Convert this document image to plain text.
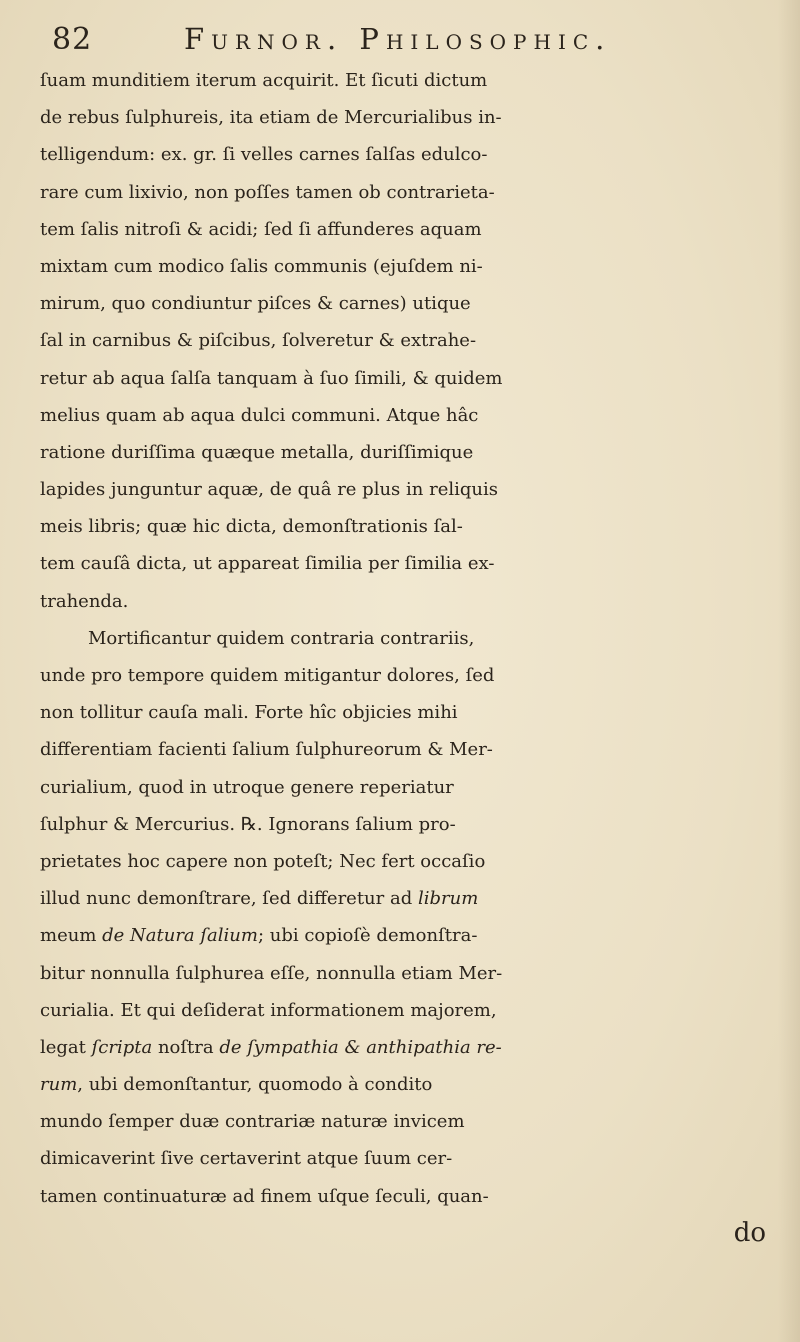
82	Furnor. Philosophic.
ſuam munditiem iterum acquirit. Et ſicuti dictum
de rebus ſulphureis, ita etiam de Mercurialibus in-
telligendum: ex. gr. ſi velles carnes ſalſas edulco-
rare cum lixivio, non poſſes tamen ob contrarieta-
tem ſalis nitroſi & acidi; ſed ſi affunderes aquam
mixtam cum modico ſalis communis (ejuſdem ni-
mirum, quo condiuntur piſces & carnes) utique
ſal in carnibus & piſcibus, ſolveretur & extrahe-
retur ab aqua ſalſa tanquam à ſuo ſimili, & quidem
melius quam ab aqua dulci communi. Atque hâc
ratione duriſſima quæque metalla, duriſſimique
lapides junguntur aquæ, de quâ re plus in reliquis
meis libris; quæ hic dicta, demonſtrationis ſal-
tem cauſâ dicta, ut appareat ſimilia per ſimilia ex-
trahenda.
Mortificantur quidem contraria contrariis,
unde pro tempore quidem mitigantur dolores, ſed
non tollitur cauſa mali. Forte hîc objicies mihi
differentiam facienti ſalium ſulphureorum & Mer-
curialium, quod in utroque genere reperiatur
ſulphur & Mercurius. ℞. Ignorans ſalium pro-
prietates hoc capere non poteſt; Nec fert occaſio
illud nunc demonſtrare, ſed differetur ad librum
meum de Natura ſalium; ubi copioſè demonſtra-
bitur nonnulla ſulphurea eſſe, nonnulla etiam Mer-
curialia. Et qui deſiderat informationem majorem,
legat ſcripta noſtra de ſympathia & anthipathia re-
rum, ubi demonſtantur, quomodo à condito
mundo ſemper duæ contrariæ naturæ invicem
dimicaverint ſive certaverint atque ſuum cer-
tamen continuaturæ ad finem uſque ſeculi, quan-
do
